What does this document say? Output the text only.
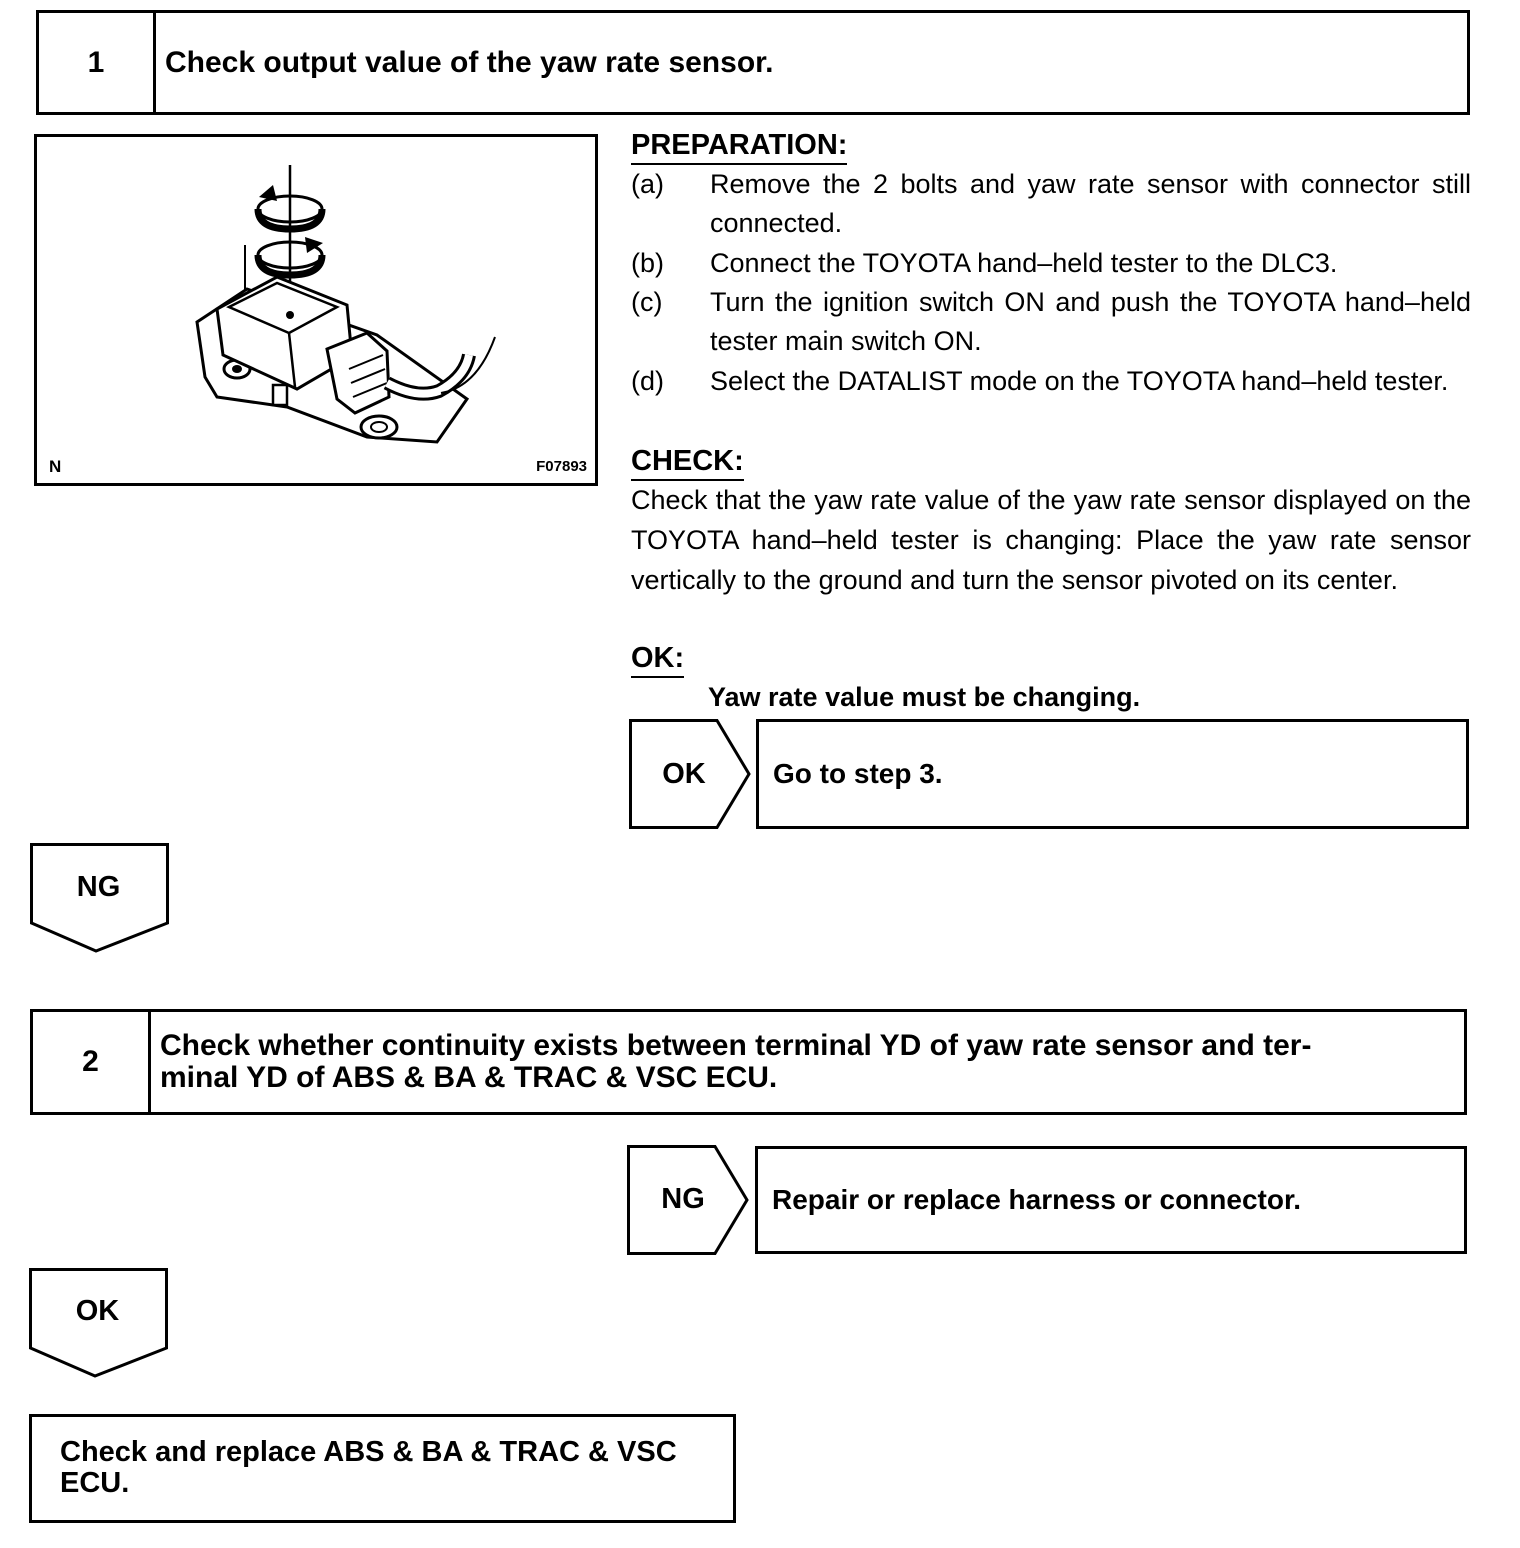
1	Check output value of the yaw rate sensor.
N	F07893
PREPARATION:
(a) Remove the 2 bolts and yaw rate sensor with connector still connected.
(b) Connect the TOYOTA hand–held tester to the DLC3.
(c) Turn the ignition switch ON and push the TOYOTA hand–held tester main switch ON.
(d) Select the DATALIST mode on the TOYOTA hand–held tester.
CHECK:
Check that the yaw rate value of the yaw rate sensor displayed on the TOYOTA hand–held tester is changing: Place the yaw rate sensor vertically to the ground and turn the sensor pivoted on its center.
OK:
Yaw rate value must be changing.
OK	Go to step 3.
NG
2	Check whether continuity exists between terminal YD of yaw rate sensor and ter-
minal YD of ABS & BA & TRAC & VSC ECU.
NG	Repair or replace harness or connector.
OK
Check and replace ABS & BA & TRAC & VSC
ECU.
